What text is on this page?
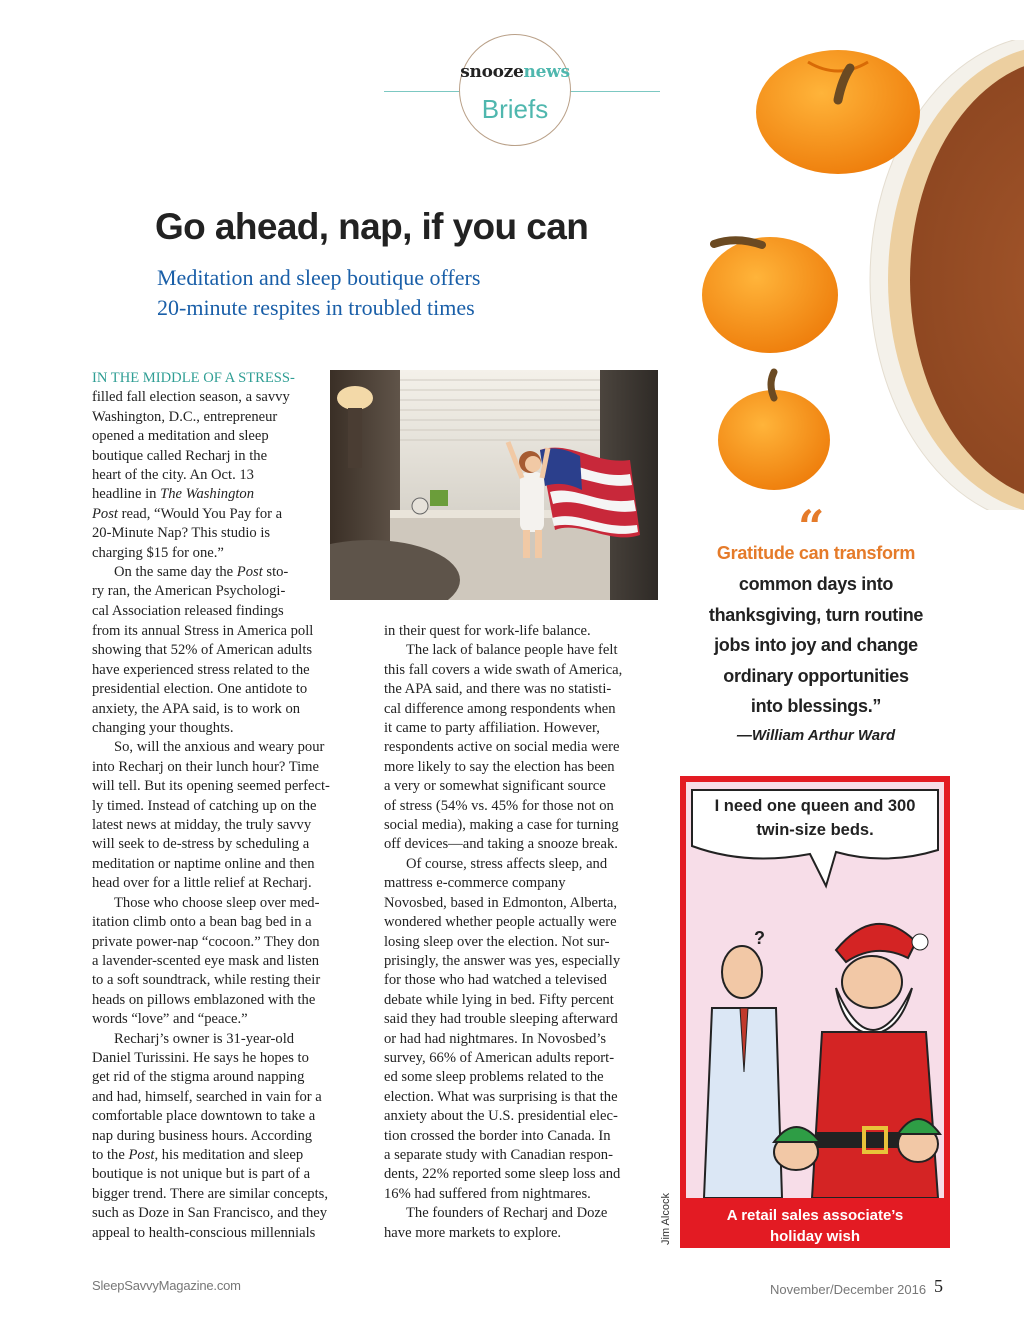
snoozenews
Briefs
Go ahead, nap, if you can
Meditation and sleep boutique offers
20-minute respites in troubled times
IN THE MIDDLE OF A STRESS-
filled fall election season, a savvy
Washington, D.C., entrepreneur
opened a meditation and sleep
boutique called Recharj in the
heart of the city. An Oct. 13
headline in The Washington
Post read, “Would You Pay for a
20-Minute Nap? This studio is
charging $15 for one.”
On the same day the Post sto-
ry ran, the American Psychologi-
cal Association released findings
from its annual Stress in America poll
showing that 52% of American adults
have experienced stress related to the
presidential election. One antidote to
anxiety, the APA said, is to work on
changing your thoughts.
So, will the anxious and weary pour
into Recharj on their lunch hour? Time
will tell. But its opening seemed perfect-
ly timed. Instead of catching up on the
latest news at midday, the truly savvy
will seek to de-stress by scheduling a
meditation or naptime online and then
head over for a little relief at Recharj.
Those who choose sleep over med-
itation climb onto a bean bag bed in a
private power-nap “cocoon.” They don
a lavender-scented eye mask and listen
to a soft soundtrack, while resting their
heads on pillows emblazoned with the
words “love” and “peace.”
Recharj’s owner is 31-year-old
Daniel Turissini. He says he hopes to
get rid of the stigma around napping
and had, himself, searched in vain for a
comfortable place downtown to take a
nap during business hours. According
to the Post, his meditation and sleep
boutique is not unique but is part of a
bigger trend. There are similar concepts,
such as Doze in San Francisco, and they
appeal to health-conscious millennials
in their quest for work-life balance.
The lack of balance people have felt
this fall covers a wide swath of America,
the APA said, and there was no statisti-
cal difference among respondents when
it came to party affiliation. However,
respondents active on social media were
more likely to say the election has been
a very or somewhat significant source
of stress (54% vs. 45% for those not on
social media), making a case for turning
off devices—and taking a snooze break.
Of course, stress affects sleep, and
mattress e-commerce company
Novosbed, based in Edmonton, Alberta,
wondered whether people actually were
losing sleep over the election. Not sur-
prisingly, the answer was yes, especially
for those who had watched a televised
debate while lying in bed. Fifty percent
said they had trouble sleeping afterward
or had had nightmares. In Novosbed’s
survey, 66% of American adults report-
ed some sleep problems related to the
election. What was surprising is that the
anxiety about the U.S. presidential elec-
tion crossed the border into Canada. In
a separate study with Canadian respon-
dents, 22% reported some sleep loss and
16% had suffered from nightmares.
The founders of Recharj and Doze
have more markets to explore.
“
Gratitude can transform
common days into
thanksgiving, turn routine
jobs into joy and change
ordinary opportunities
into blessings.”
—William Arthur Ward
?
I need one queen and 300
twin-size beds.
A retail sales associate’s
holiday wish
Jim Alcock
SleepSavvyMagazine.com	November/December 2016 5
